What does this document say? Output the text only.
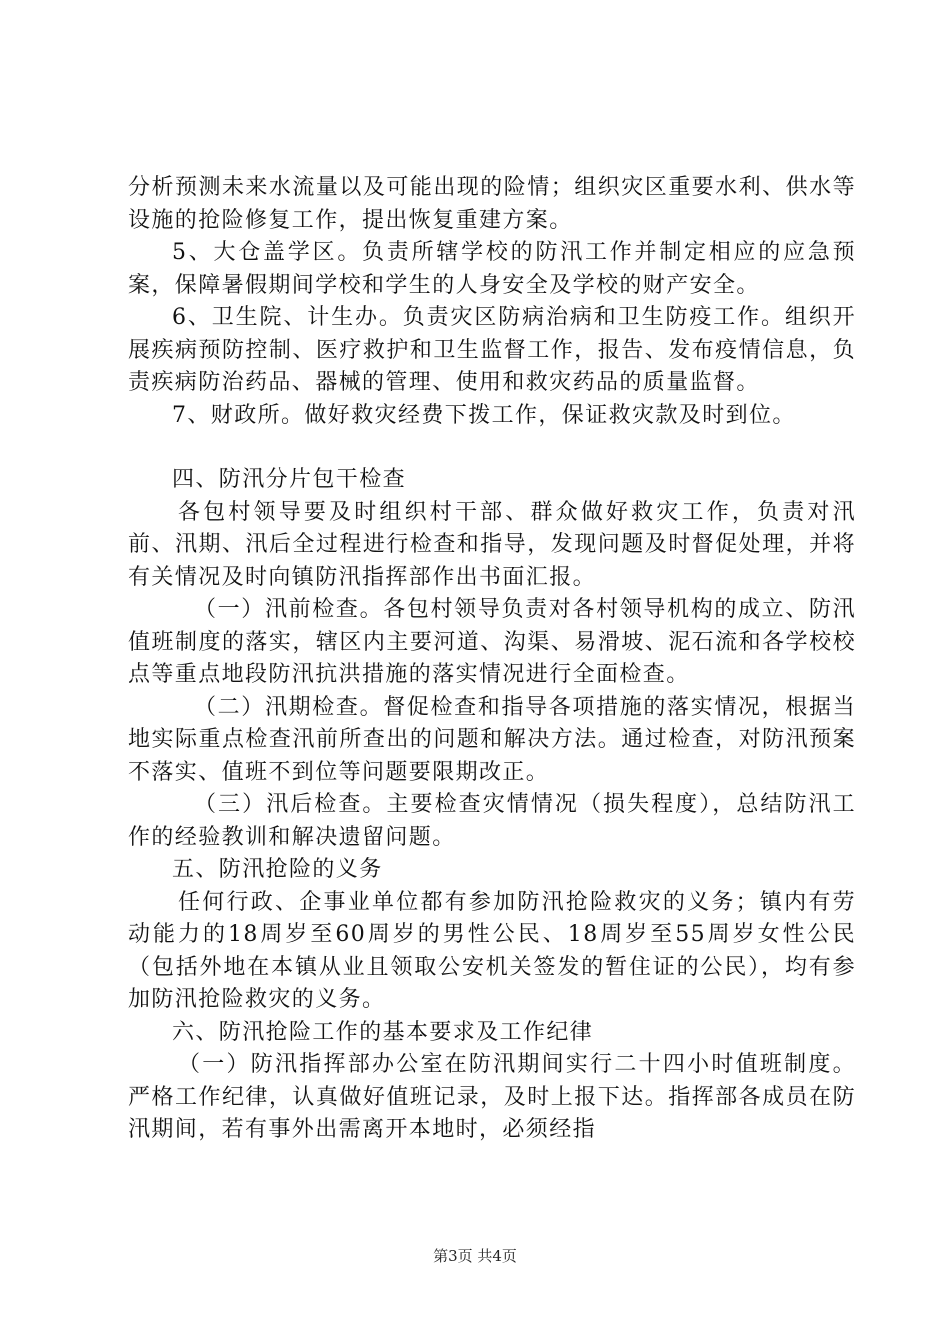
分析预测未来水流量以及可能出现的险情；组织灾区重要水利、供水等设施的抢险修复工作，提出恢复重建方案。

5、大仓盖学区。负责所辖学校的防汛工作并制定相应的应急预案，保障暑假期间学校和学生的人身安全及学校的财产安全。

6、卫生院、计生办。负责灾区防病治病和卫生防疫工作。组织开展疾病预防控制、医疗救护和卫生监督工作，报告、发布疫情信息，负责疾病防治药品、器械的管理、使用和救灾药品的质量监督。

7、财政所。做好救灾经费下拨工作，保证救灾款及时到位。

四、防汛分片包干检查

各包村领导要及时组织村干部、群众做好救灾工作，负责对汛前、汛期、汛后全过程进行检查和指导，发现问题及时督促处理，并将有关情况及时向镇防汛指挥部作出书面汇报。

（一）汛前检查。各包村领导负责对各村领导机构的成立、防汛值班制度的落实，辖区内主要河道、沟渠、易滑坡、泥石流和各学校校点等重点地段防汛抗洪措施的落实情况进行全面检查。

（二）汛期检查。督促检查和指导各项措施的落实情况，根据当地实际重点检查汛前所查出的问题和解决方法。通过检查，对防汛预案不落实、值班不到位等问题要限期改正。

（三）汛后检查。主要检查灾情情况（损失程度），总结防汛工作的经验教训和解决遗留问题。

五、防汛抢险的义务

任何行政、企事业单位都有参加防汛抢险救灾的义务；镇内有劳动能力的18周岁至60周岁的男性公民、18周岁至55周岁女性公民（包括外地在本镇从业且领取公安机关签发的暂住证的公民），均有参加防汛抢险救灾的义务。

六、防汛抢险工作的基本要求及工作纪律

（一）防汛指挥部办公室在防汛期间实行二十四小时值班制度。严格工作纪律，认真做好值班记录，及时上报下达。指挥部各成员在防汛期间，若有事外出需离开本地时，必须经指

第3页 共4页
